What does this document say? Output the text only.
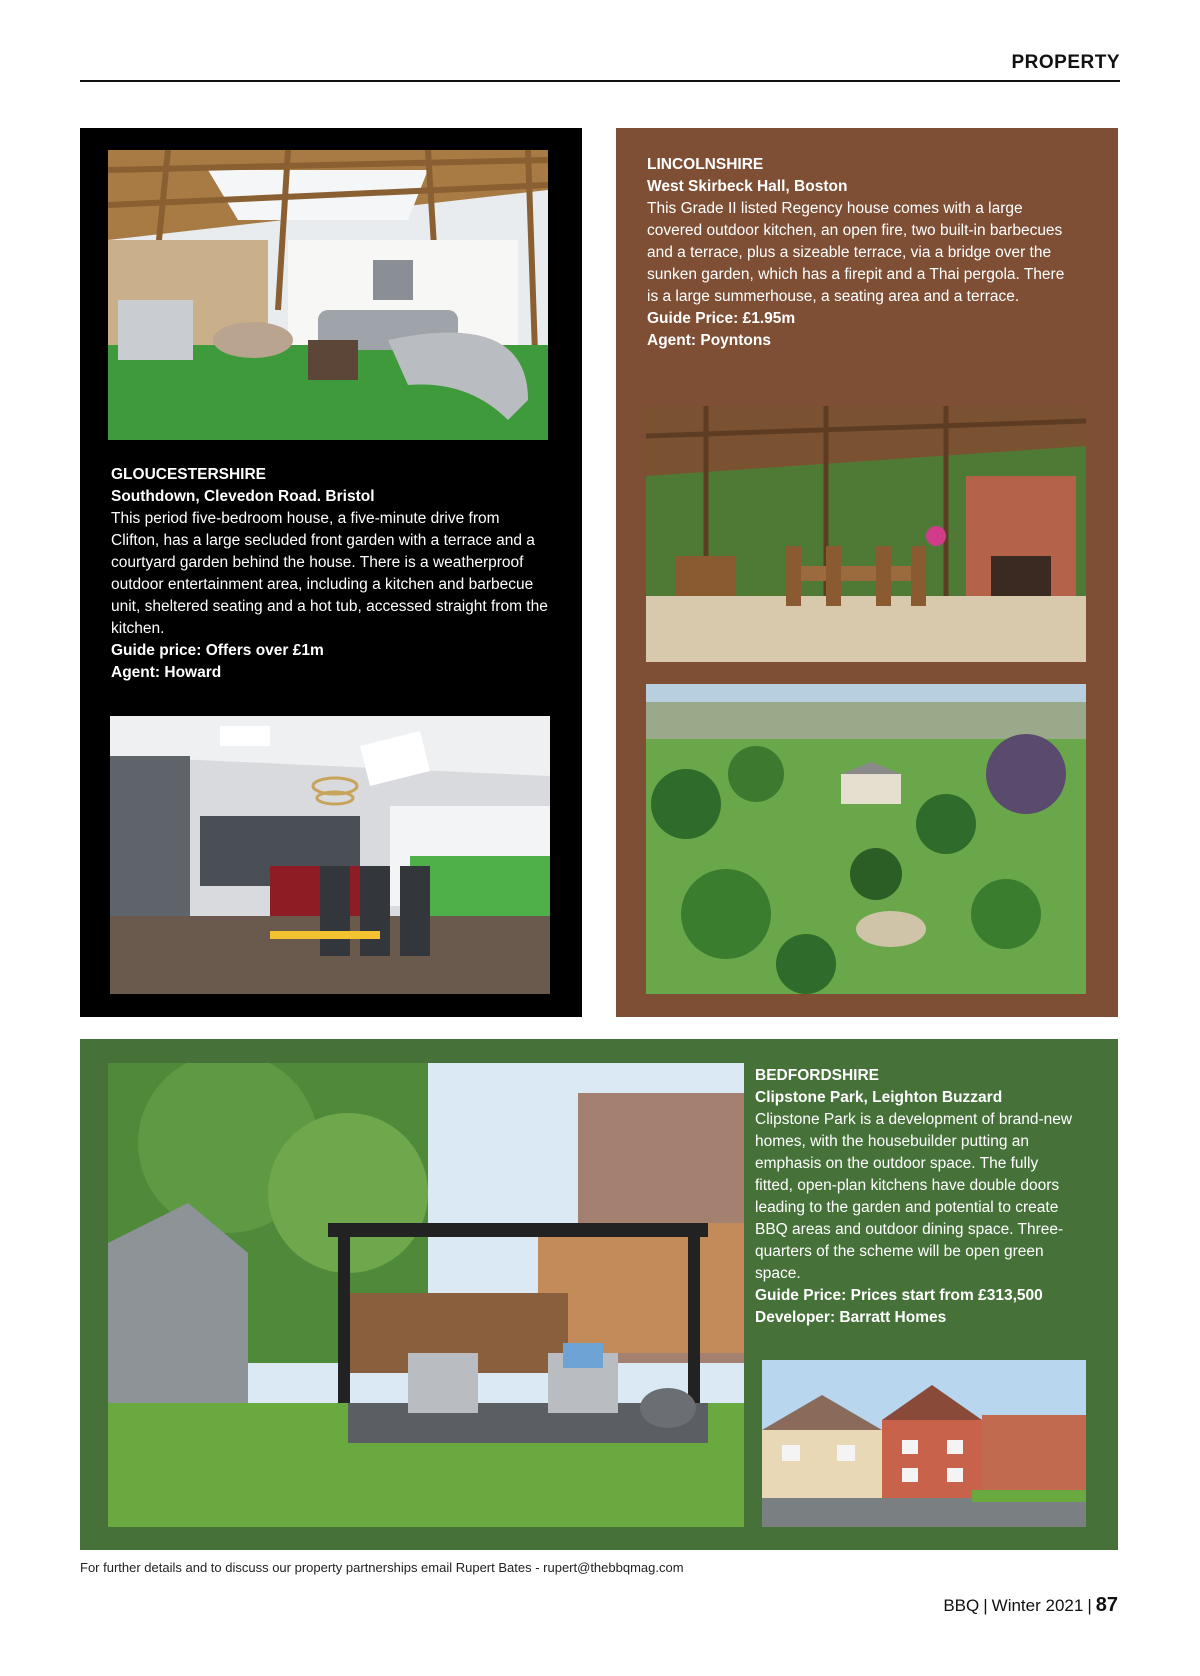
PROPERTY
GLOUCESTERSHIRE
Southdown, Clevedon Road. Bristol
This period five-bedroom house, a five-minute drive from Clifton, has a large secluded front garden with a terrace and a courtyard garden behind the house. There is a weatherproof outdoor entertainment area, including a kitchen and barbecue unit, sheltered seating and a hot tub, accessed straight from the kitchen.
Guide price: Offers over £1m
Agent: Howard
LINCOLNSHIRE
West Skirbeck Hall, Boston
This Grade II listed Regency house comes with a large covered outdoor kitchen, an open fire, two built-in barbecues and a terrace, plus a sizeable terrace, via a bridge over the sunken garden, which has a firepit and a Thai pergola. There is a large summerhouse, a seating area and a terrace.
Guide Price: £1.95m
Agent: Poyntons
BEDFORDSHIRE
Clipstone Park, Leighton Buzzard
Clipstone Park is a development of brand-new homes, with the housebuilder putting an emphasis on the outdoor space. The fully fitted, open-plan kitchens have double doors leading to the garden and potential to create BBQ areas and outdoor dining space. Three-quarters of the scheme will be open green space.
Guide Price: Prices start from £313,500
Developer: Barratt Homes
For further details and to discuss our property partnerships email Rupert Bates - rupert@thebbqmag.com
BBQ | Winter 2021 | 87
